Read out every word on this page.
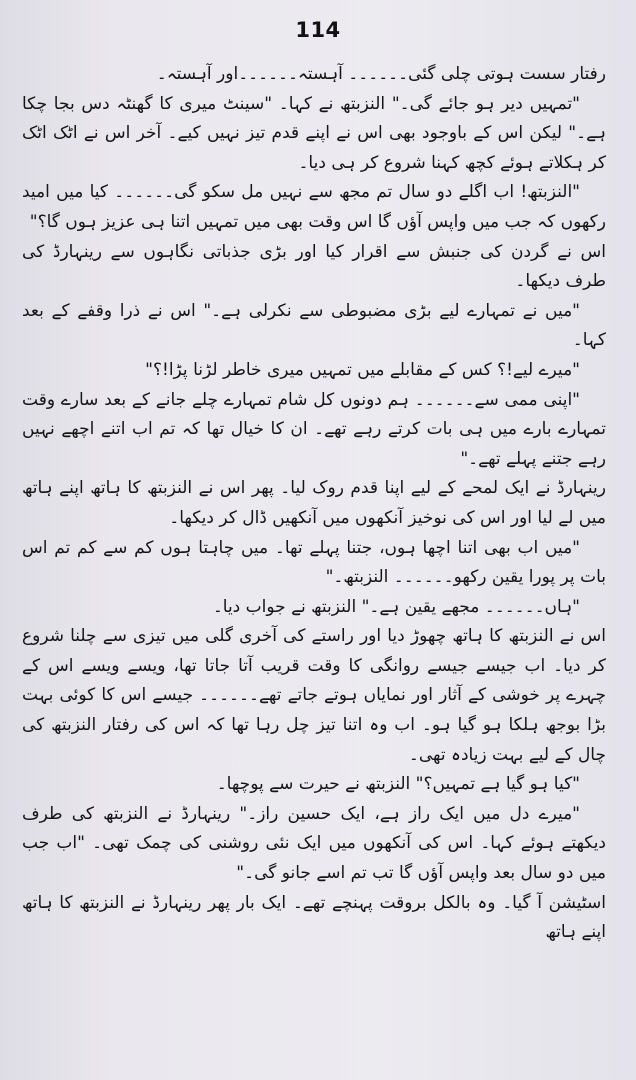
114

رفتار سست ہوتی چلی گئی۔۔۔۔۔۔ آہستہ۔۔۔۔۔۔اور آہستہ۔

"تمہیں دیر ہو جائے گی۔" النزبتھ نے کہا۔ "سینٹ میری کا گھنٹہ دس بجا چکا ہے۔" لیکن اس کے باوجود بھی اس نے اپنے قدم تیز نہیں کیے۔ آخر اس نے اٹک اٹک کر ہکلاتے ہوئے کچھ کہنا شروع کر ہی دیا۔

"النزبتھ! اب اگلے دو سال تم مجھ سے نہیں مل سکو گی۔۔۔۔۔۔ کیا میں امید رکھوں کہ جب میں واپس آؤں گا اس وقت بھی میں تمہیں اتنا ہی عزیز ہوں گا؟"

اس نے گردن کی جنبش سے اقرار کیا اور بڑی جذباتی نگاہوں سے رینہارڈ کی طرف دیکھا۔

"میں نے تمہارے لیے بڑی مضبوطی سے نکرلی ہے۔" اس نے ذرا وقفے کے بعد کہا۔

"میرے لیے!؟ کس کے مقابلے میں تمہیں میری خاطر لڑنا پڑا!؟"

"اپنی ممی سے۔۔۔۔۔۔ ہم دونوں کل شام تمہارے چلے جانے کے بعد سارے وقت تمہارے بارے میں ہی بات کرتے رہے تھے۔ ان کا خیال تھا کہ تم اب اتنے اچھے نہیں رہے جتنے پہلے تھے۔"

رینہارڈ نے ایک لمحے کے لیے اپنا قدم روک لیا۔ پھر اس نے النزبتھ کا ہاتھ اپنے ہاتھ میں لے لیا اور اس کی نوخیز آنکھوں میں آنکھیں ڈال کر دیکھا۔

"میں اب بھی اتنا اچھا ہوں، جتنا پہلے تھا۔ میں چاہتا ہوں کم سے کم تم اس بات پر پورا یقین رکھو۔۔۔۔۔۔ النزبتھ۔"

"ہاں۔۔۔۔۔۔ مجھے یقین ہے۔" النزبتھ نے جواب دیا۔

اس نے النزبتھ کا ہاتھ چھوڑ دیا اور راستے کی آخری گلی میں تیزی سے چلنا شروع کر دیا۔ اب جیسے جیسے روانگی کا وقت قریب آتا جاتا تھا، ویسے ویسے اس کے چہرے پر خوشی کے آثار اور نمایاں ہوتے جاتے تھے۔۔۔۔۔۔ جیسے اس کا کوئی بہت بڑا بوجھ ہلکا ہو گیا ہو۔ اب وہ اتنا تیز چل رہا تھا کہ اس کی رفتار النزبتھ کی چال کے لیے بہت زیادہ تھی۔

"کیا ہو گیا ہے تمہیں؟" النزبتھ نے حیرت سے پوچھا۔

"میرے دل میں ایک راز ہے، ایک حسین راز۔" رینہارڈ نے النزبتھ کی طرف دیکھتے ہوئے کہا۔ اس کی آنکھوں میں ایک نئی روشنی کی چمک تھی۔ "اب جب میں دو سال بعد واپس آؤں گا تب تم اسے جانو گی۔"

اسٹیشن آ گیا۔ وہ بالکل بروقت پہنچے تھے۔ ایک بار پھر رینہارڈ نے النزبتھ کا ہاتھ اپنے ہاتھ
